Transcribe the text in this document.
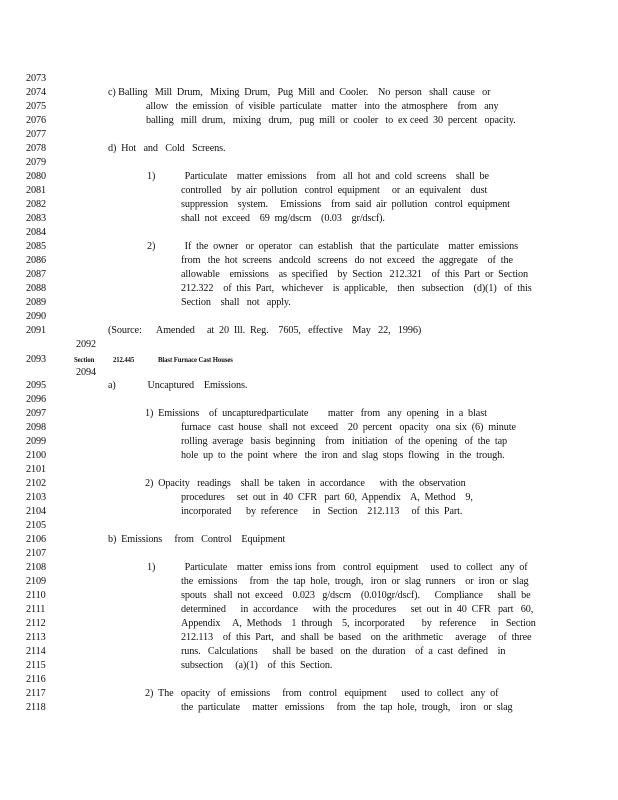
2073
2074
2075
2076
2077
2078
2079
2080
2081
2082
2083
2084
2085
2086
2087
2088
2089
2090
2091
2092
2093
2094
2095
2096
2097
2098
2099
2100
2101
2102
2103
2104
2105
2106
2107
2108
2109
2110
2111
2112
2113
2114
2115
2116
2117
2118
c) Balling   Mill  Drum,   Mixing  Drum,   Pug  Mill  and  Cooler.    No  person   shall  cause   or
allow   the  emission   of  visible  particulate    matter   into  the  atmosphere    from   any
balling   mill  drum,   mixing   drum,   pug  mill  or  cooler   to  ex ceed  30  percent   opacity.
d)  Hot   and   Cold   Screens.
1)            Particulate    matter  emissions    from   all  hot  and  cold  screens    shall  be
controlled    by  air  pollution   control  equipment     or  an  equivalent    dust
suppression    system.     Emissions    from  said  air  pollution   control  equipment
shall  not  exceed    69  mg/dscm    (0.03    gr/dscf).
2)            If  the  owner   or  operator   can  establish   that  the  particulate    matter  emissions
from   the  hot  screens   andcold   screens   do  not  exceed   the  aggregate    of  the
allowable    emissions    as  specified    by  Section   212.321    of  this  Part  or  Section
212.322    of  this  Part,   whichever    is  applicable,    then   subsection    (d)(1)   of  this
Section    shall   not   apply.
(Source:      Amended     at  20  Ill.  Reg.    7605,   effective    May   22,   1996)
a)             Uncaptured    Emissions.
1)  Emissions    of  uncapturedparticulate        matter   from   any  opening   in  a  blast
furnace   cast  house   shall  not  exceed    20  percent   opacity   ona  six  (6)  minute
rolling  average   basis  beginning    from   initiation   of  the  opening   of  the  tap
hole  up  to  the  point  where   the  iron  and  slag  stops  flowing   in  the  trough.
2)  Opacity   readings    shall  be  taken   in  accordance      with  the  observation
procedures     set  out  in  40  CFR   part  60,  Appendix    A,  Method    9,
incorporated      by  reference      in   Section    212.113     of  this  Part.
b)  Emissions     from   Control    Equipment
1)            Particulate    matter   emiss ions  from   control  equipment     used  to  collect   any  of
the  emissions     from   the  tap  hole,  trough,   iron  or  slag  runners    or  iron  or  slag
spouts   shall  not  exceed    0.023   g/dscm    (0.010gr/dscf).      Compliance      shall  be
determined      in  accordance      with  the  procedures      set  out  in  40  CFR   part   60,
Appendix     A,  Methods    1  through    5,  incorporated       by   reference      in   Section
212.113    of  this  Part,   and  shall  be  based    on  the  arithmetic     average     of  three
runs.   Calculations      shall  be  based   on  the  duration    of  a  cast  defined    in
subsection     (a)(1)    of  this  Section.
2)  The   opacity   of  emissions     from   control   equipment      used  to  collect   any  of
the  particulate     matter   emissions     from   the  tap  hole,  trough,    iron   or  slag
Section 212.445	Blast Furnace Cast Houses
